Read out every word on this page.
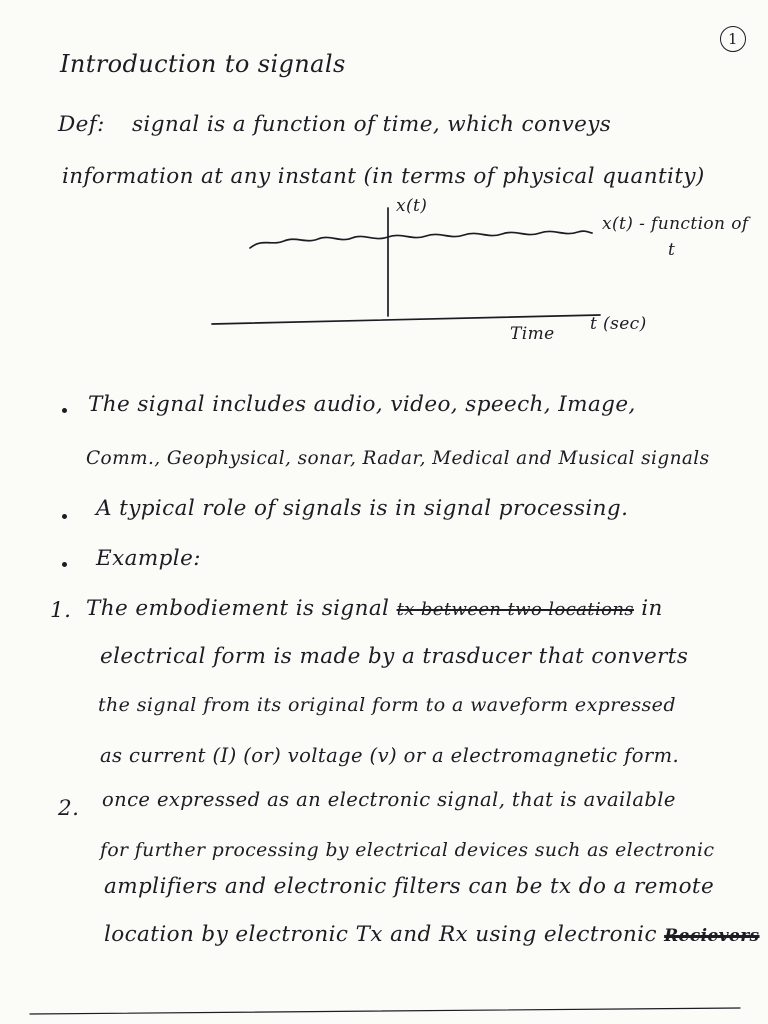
1
Introduction to signals
Def: signal is a function of time, which conveys
information at any instant (in terms of physical quantity)
x(t)
x(t) - function of
t
Time t (sec)
The signal includes audio, video, speech, Image,
Comm., Geophysical, sonar, Radar, Medical and Musical signals
A typical role of signals is in signal processing.
Example:
1. The embodiement is signal tx between two locations in
electrical form is made by a trasducer that converts
the signal from its original form to a waveform expressed
as current (I) (or) voltage (v) or a electromagnetic form.
2. once expressed as an electronic signal, that is available
for further processing by electrical devices such as electronic
amplifiers and electronic filters can be tx do a remote
location by electronic Tx and Rx using electronic Recievers
